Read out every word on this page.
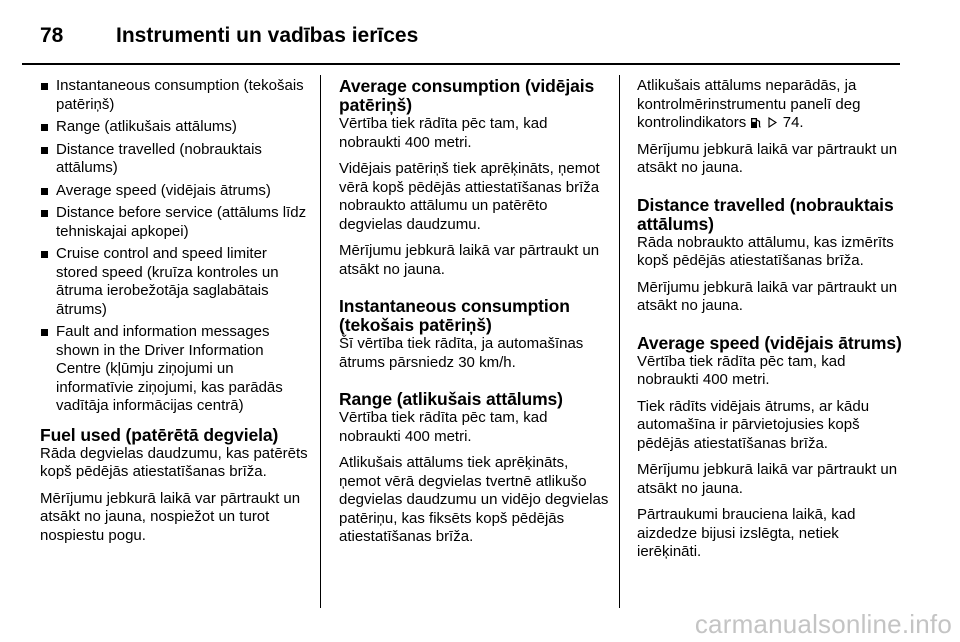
78	Instrumenti un vadības ierīces
Instantaneous consumption (tekošais patēriņš)
Range (atlikušais attālums)
Distance travelled (nobrauktais attālums)
Average speed (vidējais ātrums)
Distance before service (attālums līdz tehniskajai apkopei)
Cruise control and speed limiter stored speed (kruīza kontroles un ātruma ierobežotāja saglabātais ātrums)
Fault and information messages shown in the Driver Information Centre (kļūmju ziņojumi un informatīvie ziņojumi, kas parādās vadītāja informācijas centrā)
Fuel used (patērētā degviela)

Rāda degvielas daudzumu, kas patērēts kopš pēdējās atiestatīšanas brīža.

Mērījumu jebkurā laikā var pārtraukt un atsākt no jauna, nospiežot un turot nospiestu pogu.

Average consumption (vidējais patēriņš)

Vērtība tiek rādīta pēc tam, kad nobraukti 400 metri.

Vidējais patēriņš tiek aprēķināts, ņemot vērā kopš pēdējās attiestatīšanas brīža nobraukto attālumu un patērēto degvielas daudzumu.

Mērījumu jebkurā laikā var pārtraukt un atsākt no jauna.

Instantaneous consumption (tekošais patēriņš)

Šī vērtība tiek rādīta, ja automašīnas ātrums pārsniedz 30 km/h.

Range (atlikušais attālums)

Vērtība tiek rādīta pēc tam, kad nobraukti 400 metri.

Atlikušais attālums tiek aprēķināts, ņemot vērā degvielas tvertnē atlikušo degvielas daudzumu un vidējo degvielas patēriņu, kas fiksēts kopš pēdējās atiestatīšanas brīža.

Atlikušais attālums neparādās, ja kontrolmērinstrumentu panelī deg kontrolindikators 74.

Mērījumu jebkurā laikā var pārtraukt un atsākt no jauna.

Distance travelled (nobrauktais attālums)

Rāda nobraukto attālumu, kas izmērīts kopš pēdējās atiestatīšanas brīža.

Mērījumu jebkurā laikā var pārtraukt un atsākt no jauna.

Average speed (vidējais ātrums)

Vērtība tiek rādīta pēc tam, kad nobraukti 400 metri.

Tiek rādīts vidējais ātrums, ar kādu automašīna ir pārvietojusies kopš pēdējās atiestatīšanas brīža.

Mērījumu jebkurā laikā var pārtraukt un atsākt no jauna.

Pārtraukumi brauciena laikā, kad aizdedze bijusi izslēgta, netiek ierēķināti.

carmanualsonline.info
